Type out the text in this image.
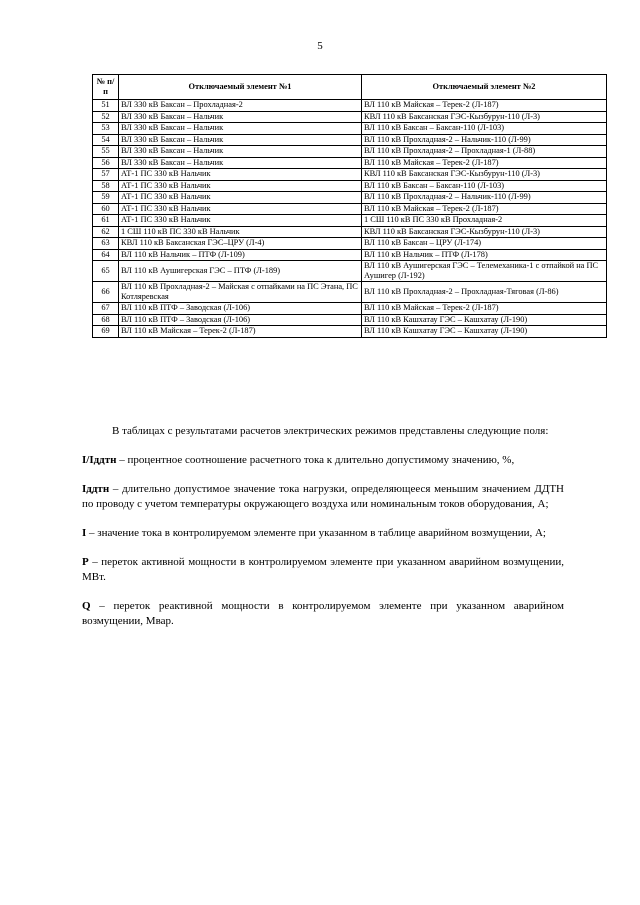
5
№ п/п	Отключаемый элемент №1	Отключаемый элемент №2
51	ВЛ 330 кВ Баксан – Прохладная-2	ВЛ 110 кВ Майская – Терек-2 (Л-187)
52	ВЛ 330 кВ Баксан – Нальчик	КВЛ 110 кВ Баксанская ГЭС-Кызбурун-110 (Л-3)
53	ВЛ 330 кВ Баксан – Нальчик	ВЛ 110 кВ Баксан – Баксан-110 (Л-103)
54	ВЛ 330 кВ Баксан – Нальчик	ВЛ 110 кВ Прохладная-2 – Нальчик-110 (Л-99)
55	ВЛ 330 кВ Баксан – Нальчик	ВЛ 110 кВ Прохладная-2 – Прохладная-1 (Л-88)
56	ВЛ 330 кВ Баксан – Нальчик	ВЛ 110 кВ Майская – Терек-2 (Л-187)
57	АТ-1 ПС 330 кВ Нальчик	КВЛ 110 кВ Баксанская ГЭС-Кызбурун-110 (Л-3)
58	АТ-1 ПС 330 кВ Нальчик	ВЛ 110 кВ Баксан – Баксан-110 (Л-103)
59	АТ-1 ПС 330 кВ Нальчик	ВЛ 110 кВ Прохладная-2 – Нальчик-110 (Л-99)
60	АТ-1 ПС 330 кВ Нальчик	ВЛ 110 кВ Майская – Терек-2 (Л-187)
61	АТ-1 ПС 330 кВ Нальчик	1 СШ 110 кВ ПС 330 кВ Прохладная-2
62	1 СШ 110 кВ ПС 330 кВ Нальчик	КВЛ 110 кВ Баксанская ГЭС-Кызбурун-110 (Л-3)
63	КВЛ 110 кВ Баксанская ГЭС–ЦРУ (Л-4)	ВЛ 110 кВ Баксан – ЦРУ (Л-174)
64	ВЛ 110 кВ Нальчик – ПТФ (Л-109)	ВЛ 110 кВ Нальчик – ПТФ (Л-178)
65	ВЛ 110 кВ Аушигерская ГЭС – ПТФ (Л-189)	ВЛ 110 кВ Аушигерская ГЭС – Телемеханика-1 с отпайкой на ПС Аушигер (Л-192)
66	ВЛ 110 кВ Прохладная-2 – Майская с отпайками на ПС Этана, ПС Котляревская	ВЛ 110 кВ Прохладная-2 – Прохладная-Тяговая (Л-86)
67	ВЛ 110 кВ ПТФ – Заводская (Л-106)	ВЛ 110 кВ Майская – Терек-2 (Л-187)
68	ВЛ 110 кВ ПТФ – Заводская (Л-106)	ВЛ 110 кВ Кашхатау ГЭС – Кашхатау (Л-190)
69	ВЛ 110 кВ Майская – Терек-2 (Л-187)	ВЛ 110 кВ Кашхатау ГЭС – Кашхатау (Л-190)

В таблицах с результатами расчетов электрических режимов представлены следующие поля:

I/Iддтн – процентное соотношение расчетного тока к длительно допустимому значению, %,

Iддтн – длительно допустимое значение тока нагрузки, определяющееся меньшим значением ДДТН по проводу с учетом температуры окружающего воздуха или номинальным токов оборудования, А;

I – значение тока в контролируемом элементе при указанном в таблице аварийном возмущении, А;

P – переток активной мощности в контролируемом элементе при указанном аварийном возмущении, МВт.

Q – переток реактивной мощности в контролируемом элементе при указанном аварийном возмущении, Мвар.
